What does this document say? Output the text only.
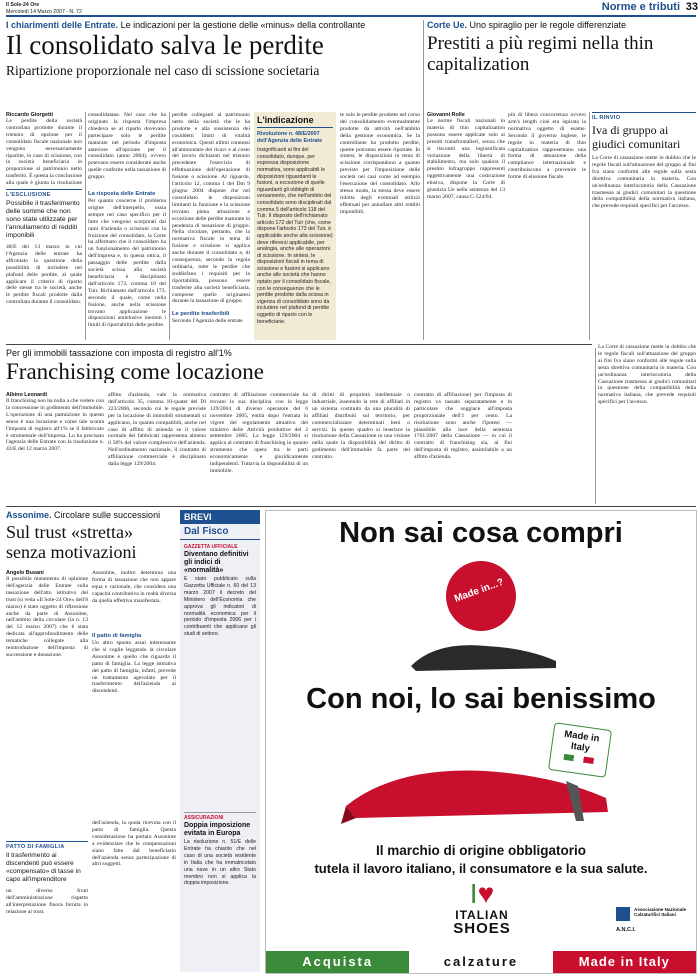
Il Sole-24 Ore
Mercoledì 14 Marzo 2007 - N. 72	Norme e tributi 33
I chiarimenti delle Entrate. Le indicazioni per la gestione delle «minus» della controllante
Il consolidato salva le perdite
Ripartizione proporzionale nel caso di scissione societaria
Riccardo Giorgetti
Le perdite della società controllata prodotte durante il triennio di opzione per il consolidato fiscale nazionale non vengono necessariamente ripartite, in caso di scissione, con la società beneficiaria in proporzione al patrimonio netto trasferito. È questa la conclusione alla quale è giunta la risoluzione
L'ESCLUSIONE
Possibile il trasferimento delle somme che non sono state utilizzate per l'annullamento di redditi imponibili
48/E del 13 marzo in cui l'Agenzia delle entrate ha affrontato la questione della possibilità di includere nel plafond delle perdite, al quale applicare il criterio di riparto delle stesse tra le società, anche le perdite fiscali prodotte dalla controllata durante il consolidato.
consolidatane. Nel caso che ha originato la risposta l'impresa chiedeva se al riparto dovevano partecipare solo le perdite maturate nel periodo d'imposta anteriore all'opzione per il consolidato (anno 2004), ovvero potevano essere considerate anche quelle conferite nella tassazione di gruppo.
La risposta delle Entrate
Per quanto concerne il problema origine dell'interpello, ossia sempre nel caso specifico per il fatto che vengono scorporati dai rami d'azienda o scissioni con la fruizione del consolidato, la Corte ha affermato che il consolidato ha un funzionamento del patrimonio dell'impresa e, in questa ottica, il passaggio delle perdite dalla società scissa alla società beneficiaria è disciplinato dall'articolo 173, comma 10 del Tuir. Richiamato dall'articolo 173, secondo il quale, come nella fusione, anche nella scissione trovano applicazione le disposizioni antielusive inerenti i limiti di riportabilità delle perdite.
perdite colleganti al patrimonio netto della società che le ha prodotte e alla sussistenza dei cosiddetti limiti di vitalità economica. Questi ultimi connessi all'ammontare dei ricavi e al costo del lavoro dichiarati nel triennio precedente l'esercizio di effettuazione dell'operazione di fusione o scissione. Al riguardo, l'articolo 12, comma 1 del Dm 9 giugno 2004 dispone che nel consolidato le disposizioni limitanti la funzione e la scissione trovano piena attuazione e eccezione delle perdite maturate in pendenza di tassazione di gruppo. Nella circolare, pertanto, che la normativa fiscale in tema di fusione e scissione si applica anche durante il consolidato e, di conseguenza, secondo la regola ordinaria, tutte le perdite che soddisfano i requisiti per la riportabilità, possono essere trasferite alla società beneficiaria, comprese quelle originatesi durante la tassazione di gruppo.
Le perdite trasferibili
Secondo l'Agenzia delle entrate
L'indicazione
Rivoluzione n. 48/E/2007 dell'Agenzia delle Entrate
Insignificanti ai fini del consolidato, dunque, per espressa disposizione normativa, sono applicabili le disposizioni riguardanti le fusioni, a eccezione di quelle riguardanti gli obblighi di versamento, che nell'ambito del consolidato sono disciplinati dal comma 5 dell'articolo 118 del Tuir. Il disposto dell'richiamato articolo 172 del Tuir (che, come dispone l'articolo 173 del Tuir, è applicabile anche alla scissione) deve riferersi applicabile, per analogia, anche alle operazioni di scissione. In sintesi, le disposizioni fiscali in tema di scissione e fusioni si applicano anche alle società che hanno optato per il consolidato fiscale, con le conseguenze che le perdite prodotte dalla scissa in vigenza di consolidato sono da includere nel plafond di perdite oggetto di riparto con le beneficiarie.
te solo le perdite prodotte nel corso del consolidamento eventualmente prodotte da attività nell'ambito della gestione economica. Se la controllante ha prodotto perdite, queste potranno essere riportate. In sintesi, le disposizioni in tema di scissione corrispondono a quanto previsto per l'imposizione delle società nei casi come ad esempio l'esecuzione del consolidato. Allo stesso modo, la stessa deve essere ridotta degli eventuali utilizzi effettuati per annullare altri redditi imponibili.
Corte Ue. Uno spiraglio per le regole differenziate
Prestiti a più regimi nella thin capitalization
Giovanni Rolle
Le norme fiscali nazionali in materia di thin capitalization possono essere applicate solo ai prestiti transfrontalieri, senza che si riscontri una ingiustificata violazione della libertà di stabilimento, ma solo qualora il prestito infragruppo rappresenti oggettivamente una costruzione elusiva, dispone la Corte di giustizia Ue nella sentenza del 13 marzo 2007, causa C-524/04.
più di libera concorrenza ovvero arm's length cioè era ispirata la normativa oggetto di esame. Secondo il governo inglese, le regole in materia di thin capitalization rappresentano una forma di attuazione della compliance internazionale e contribuiscono a prevenire le forme di elusione fiscale.
IL RINVIO
Iva di gruppo ai giudici comunitari
La Corte di cassazione mette in dubbio che le regole fiscali sull'attuazione del gruppo ai fini Iva siano conformi alle regole sulla sesta direttiva comunitaria in materia. Con un'ordinanza interlocutoria della Cassazione trasmessa ai giudici comunitari la questione della compatibilità della normativa italiana, che prevede requisiti specifici per l'accesso.
Per gli immobili tassazione con imposta di registro all'1%
Franchising come locazione
Albino Leonardi
Il franchising non ha nulla a che vedere con la concessione in godimento dell'immobile. L'operazione di una pattuizione in questo senso è una locazione e come tale sconta l'imposta di registro all'1% se il fabbricato è strumentale dell'impresa. Lo ha precisato l'agenzia delle Entrate con la risoluzione n. 43/E del 12 marzo 2007.
affitto d'azienda, vale la normativa dell'articolo 35, comma 10-quater del Dl 223/2006, secondo cui le regole previste per la locazione di immobili strumentali si applicano, in quanto compatibili, anche nel caso di affitto di azienda se il valore normale dei fabbricati rappresenta almeno il 50% del valore complessivo dell'azienda. Nell'ordinamento nazionale, il contratto di affiliazione commerciale è disciplinato dalla legge 129/2004.
contratto di affiliazione commerciale ha trovato la sua disciplina con la legge 129/2004 di diverso operatore del 6 novembre 2005, entità dopo l'entrata in vigore del regolamento attuativo del ministro delle Attività produttive del 2 settembre 2005. La legge 129/2004 si applica al contratto di franchising in quanto strumento che opera tra le parti economicamente e giuridicamente indipendenti. Tuttavia la disponibilità di un immobile.
di diritti di proprietà intellettuale o industriale, inserendo la rete di affiliati in un sistema costituito da una pluralità di affiliati distribuiti sul territorio, per commercializzare determinati beni o servizi. In questo quadro si inserisce la risoluzione della Cassazione in una visione nella quale la disponibilità del diritto di godimento dell'immobile fa parte del contratto.
contratto di affiliazione) per l'imposta di registro va tassato separatamente e in particolare che soggiace all'imposta proporzionale dell'1 per cento. La risoluzione sono anche l'ipotesi — plausibile alla luce della sentenza 1761/2007 della Cassazione — in cui il contratto di franchising sia, ai fini dell'imposta di registro, assimilabile a un affitto d'azienda.
La Corte di cassazione mette in dubbio che le regole fiscali sull'attuazione del gruppo ai fini Iva siano conformi alle regole sulla sesta direttiva comunitaria in materia. Con un'ordinanza interlocutoria della Cassazione trasmessa ai giudici comunitari la questione della compatibilità della normativa italiana, che prevede requisiti specifici per l'accesso.
Assonime. Circolare sulle successioni
Sul trust «stretta» senza motivazioni
Angelo Busani
Il possibile mutamento di opinione dell'agenzia delle Entrate sulla tassazione dell'atto istitutivo del trust (si veda «Il Sole-24 Ore» dell'8 marzo) è stato oggetto di riflessione anche da parte di Assonime, nell'ambito della circolare (la n. 13 del 12 marzo 2007) che è stata dedicata all'approfondimento delle tematiche collegate alla reintroduzione dell'imposta di successione e donazione.
PATTO DI FAMIGLIA
Il trasferimento ai discendenti può essere «compensato» di tasse in capo all'imprenditore
un diverso front dell'amministrazione rispetto all'interpretazione finora fornita in relazione ai trust.
Assonime, inoltre determina una forma di tassazione che non appare equa e razionale, che considera una capacità contributiva in realtà diversa da quella effettiva manifestata.
Il patto di famiglia
Un altro spunto assai interessante che si coglie leggendo la circolare Assonime è quello che riguarda il patto di famiglia. La legge istitutiva del patto di famiglia, infatti, prevede un trattamento agevolato per il trasferimento dell'azienda ai discendenti.
dell'azienda, la quota ricevuta con il patto di famiglia. Questa considerazione ha portato Assonime a evidenziare che le compensazioni siano fatte dal beneficiario dell'azienda senza partecipazione di altri soggetti.
BREVI
Dal Fisco
GAZZETTA UFFICIALE
Diventano definitivi gli indici di «normalità»
È stato pubblicato sulla Gazzetta Ufficiale n. 60 del 13 marzo 2007 il decreto del Ministero dell'Economia che approva gli indicatori di normalità economica per il periodo d'imposta 2006 per i contribuenti che applicano gli studi di settore.
ASSICURAZIONI
Doppia imposizione evitata in Europa
La risoluzione n. 51/E delle Entrate ha chiarito che nel caso di una società residente in Italia che ha immatricolato una nave in un altro Stato membro non si applica la doppia imposizione.
Non sai cosa compri
Made in...?
Con noi, lo sai benissimo
Made in Italy
Il marchio di origine obbligatorio
tutela il lavoro italiano, il consumatore e la sua salute.
I♥
ITALIAN
SHOES
Associazione Nazionale Calzaturifici Italiani
A.N.C.I.
Acquista	calzature	Made in Italy
